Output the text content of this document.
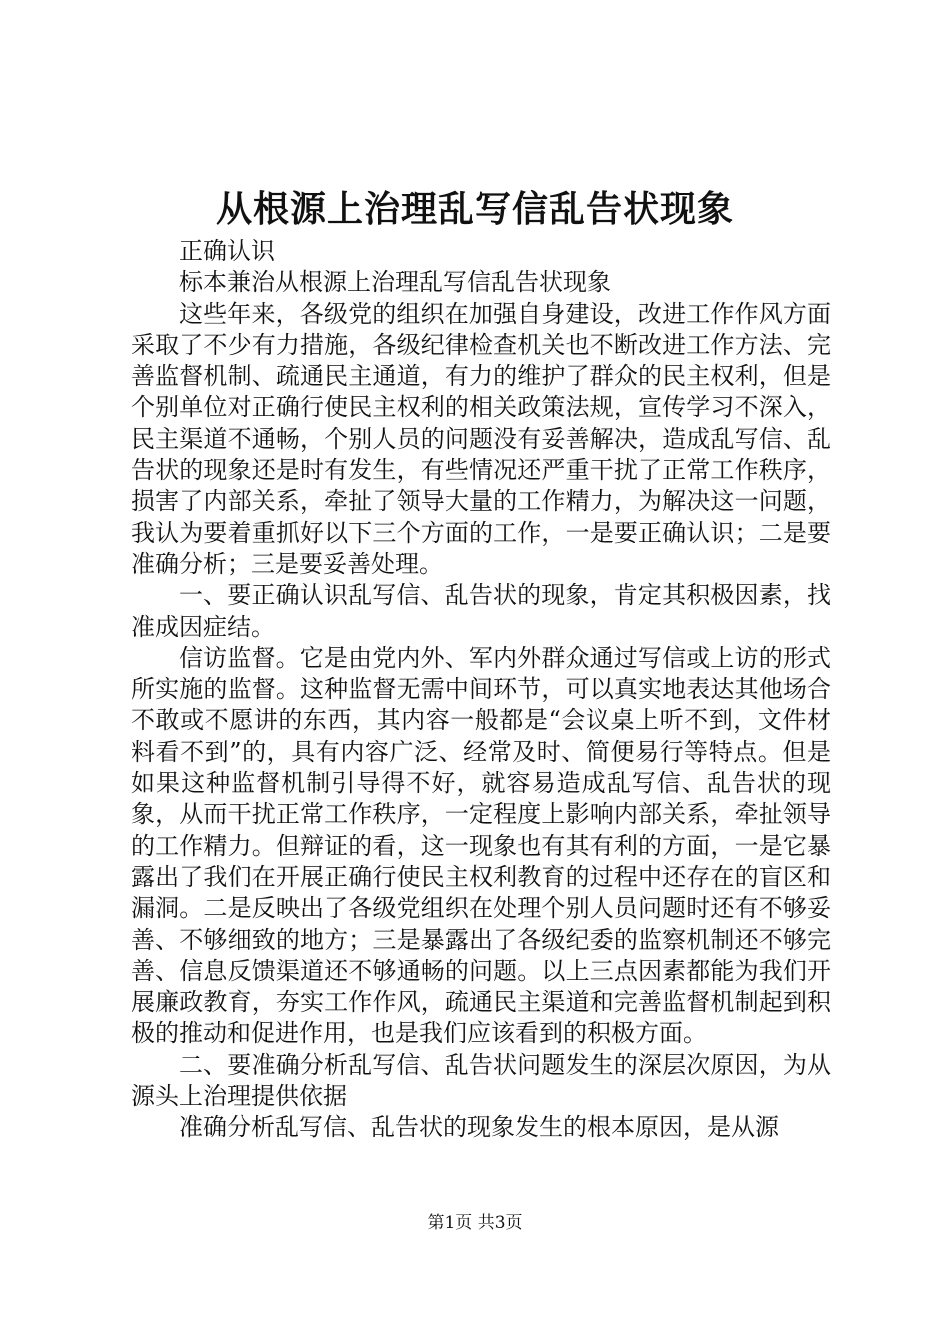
从根源上治理乱写信乱告状现象

正确认识

标本兼治从根源上治理乱写信乱告状现象

这些年来，各级党的组织在加强自身建设，改进工作作风方面采取了不少有力措施，各级纪律检查机关也不断改进工作方法、完善监督机制、疏通民主通道，有力的维护了群众的民主权利，但是个别单位对正确行使民主权利的相关政策法规，宣传学习不深入，民主渠道不通畅，个别人员的问题没有妥善解决，造成乱写信、乱告状的现象还是时有发生，有些情况还严重干扰了正常工作秩序，损害了内部关系，牵扯了领导大量的工作精力，为解决这一问题，我认为要着重抓好以下三个方面的工作，一是要正确认识；二是要准确分析；三是要妥善处理。

一、要正确认识乱写信、乱告状的现象，肯定其积极因素，找准成因症结。

信访监督。它是由党内外、军内外群众通过写信或上访的形式所实施的监督。这种监督无需中间环节，可以真实地表达其他场合不敢或不愿讲的东西，其内容一般都是“会议桌上听不到，文件材料看不到”的，具有内容广泛、经常及时、简便易行等特点。但是如果这种监督机制引导得不好，就容易造成乱写信、乱告状的现象，从而干扰正常工作秩序，一定程度上影响内部关系，牵扯领导的工作精力。但辩证的看，这一现象也有其有利的方面，一是它暴露出了我们在开展正确行使民主权利教育的过程中还存在的盲区和漏洞。二是反映出了各级党组织在处理个别人员问题时还有不够妥善、不够细致的地方；三是暴露出了各级纪委的监察机制还不够完善、信息反馈渠道还不够通畅的问题。以上三点因素都能为我们开展廉政教育，夯实工作作风，疏通民主渠道和完善监督机制起到积极的推动和促进作用，也是我们应该看到的积极方面。

二、要准确分析乱写信、乱告状问题发生的深层次原因，为从源头上治理提供依据

准确分析乱写信、乱告状的现象发生的根本原因，是从源

第1页 共3页
